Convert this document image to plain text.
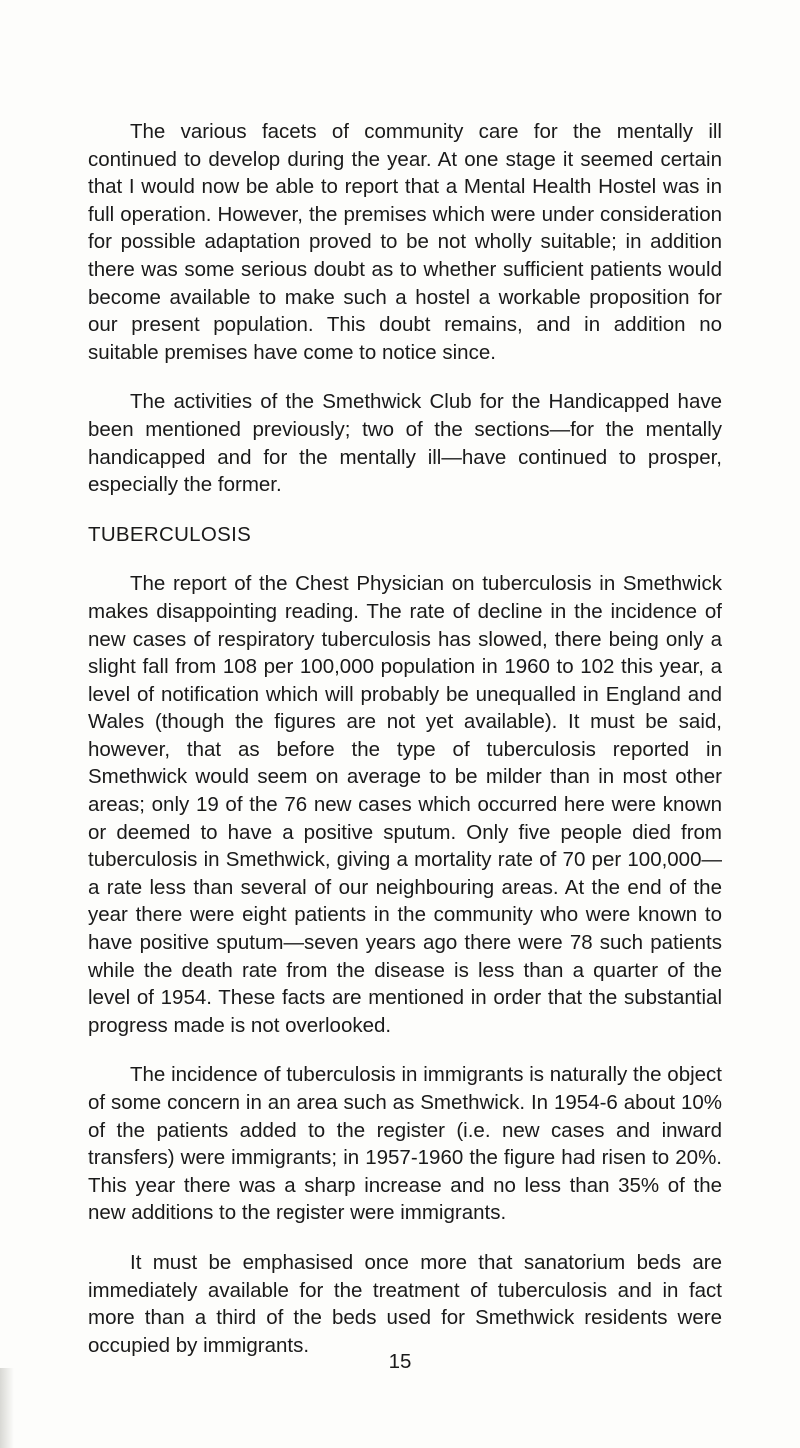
The various facets of community care for the mentally ill continued to develop during the year. At one stage it seemed certain that I would now be able to report that a Mental Health Hostel was in full operation. However, the premises which were under consideration for possible adaptation proved to be not wholly suitable; in addition there was some serious doubt as to whether sufficient patients would become available to make such a hostel a workable proposition for our present population. This doubt remains, and in addition no suitable premises have come to notice since.

The activities of the Smethwick Club for the Handicapped have been mentioned previously; two of the sections—for the mentally handicapped and for the mentally ill—have continued to prosper, especially the former.

TUBERCULOSIS

The report of the Chest Physician on tuberculosis in Smethwick makes disappointing reading. The rate of decline in the incidence of new cases of respiratory tuberculosis has slowed, there being only a slight fall from 108 per 100,000 population in 1960 to 102 this year, a level of notification which will probably be unequalled in England and Wales (though the figures are not yet available). It must be said, however, that as before the type of tuberculosis reported in Smethwick would seem on average to be milder than in most other areas; only 19 of the 76 new cases which occurred here were known or deemed to have a positive sputum. Only five people died from tuberculosis in Smethwick, giving a mortality rate of 70 per 100,000—a rate less than several of our neighbouring areas. At the end of the year there were eight patients in the community who were known to have positive sputum—seven years ago there were 78 such patients while the death rate from the disease is less than a quarter of the level of 1954. These facts are mentioned in order that the substantial progress made is not overlooked.

The incidence of tuberculosis in immigrants is naturally the object of some concern in an area such as Smethwick. In 1954-6 about 10% of the patients added to the register (i.e. new cases and inward transfers) were immigrants; in 1957-1960 the figure had risen to 20%. This year there was a sharp increase and no less than 35% of the new additions to the register were immigrants.

It must be emphasised once more that sanatorium beds are immediately available for the treatment of tuberculosis and in fact more than a third of the beds used for Smethwick residents were occupied by immigrants.

15
